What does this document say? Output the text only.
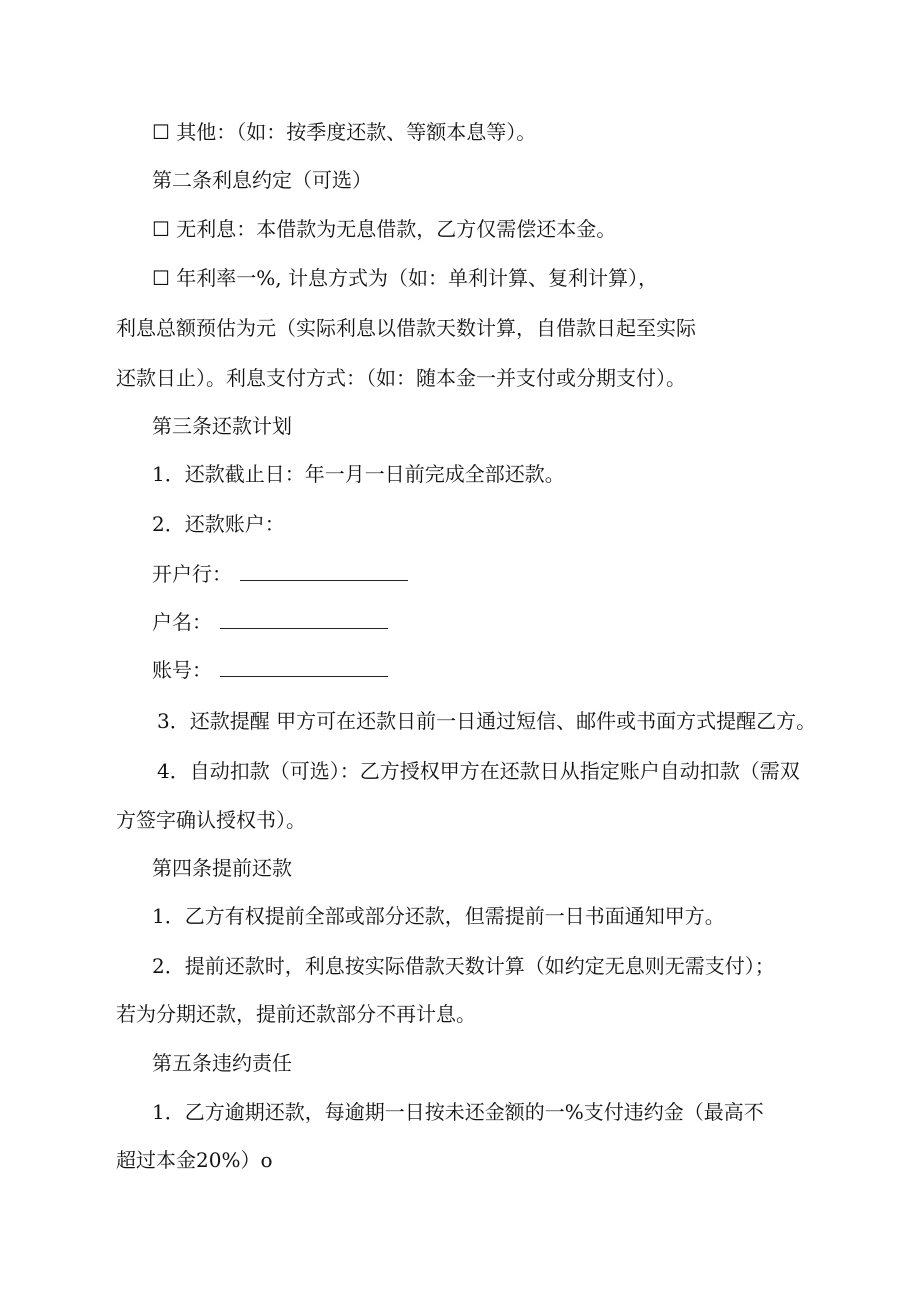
☐ 其他：（如：按季度还款、等额本息等）。
第二条利息约定（可选）
☐ 无利息：本借款为无息借款，乙方仅需偿还本金。
☐ 年利率一%, 计息方式为（如：单利计算、复利计算），
利息总额预估为元（实际利息以借款天数计算，自借款日起至实际
还款日止）。利息支付方式：（如：随本金一并支付或分期支付）。
第三条还款计划
1．还款截止日：年一月一日前完成全部还款。
2．还款账户：
开户行：
户名：
账号：
3．还款提醒 甲方可在还款日前一日通过短信、邮件或书面方式提醒乙方。
4．自动扣款（可选）：乙方授权甲方在还款日从指定账户自动扣款（需双
方签字确认授权书）。
第四条提前还款
1．乙方有权提前全部或部分还款，但需提前一日书面通知甲方。
2．提前还款时，利息按实际借款天数计算（如约定无息则无需支付）；
若为分期还款，提前还款部分不再计息。
第五条违约责任
1．乙方逾期还款，每逾期一日按未还金额的一%支付违约金（最高不
超过本金20%）o
